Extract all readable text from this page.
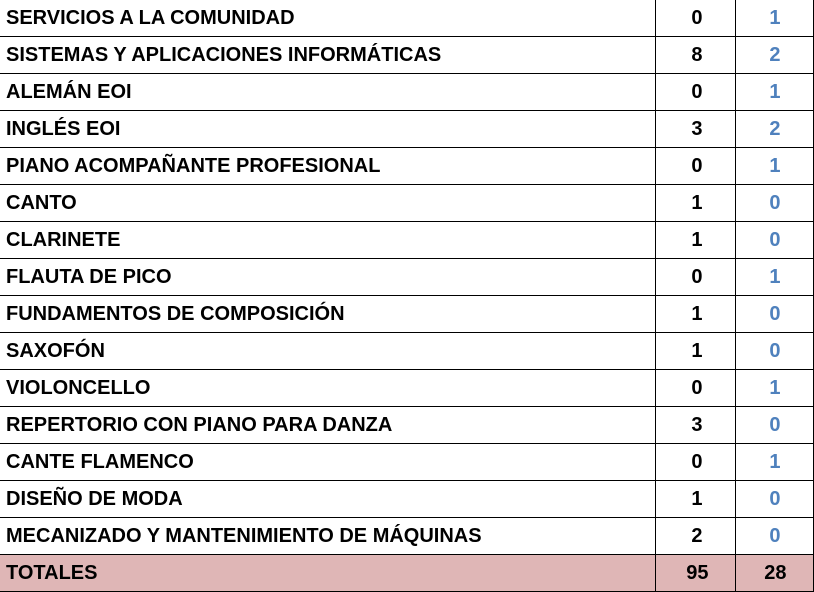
SERVICIOS A LA COMUNIDAD	0	1
SISTEMAS Y APLICACIONES INFORMÁTICAS	8	2
ALEMÁN EOI	0	1
INGLÉS EOI	3	2
PIANO ACOMPAÑANTE PROFESIONAL	0	1
CANTO	1	0
CLARINETE	1	0
FLAUTA DE PICO	0	1
FUNDAMENTOS DE COMPOSICIÓN	1	0
SAXOFÓN	1	0
VIOLONCELLO	0	1
REPERTORIO CON PIANO PARA DANZA	3	0
CANTE FLAMENCO	0	1
DISEÑO DE MODA	1	0
MECANIZADO Y MANTENIMIENTO DE MÁQUINAS	2	0
TOTALES	95	28
